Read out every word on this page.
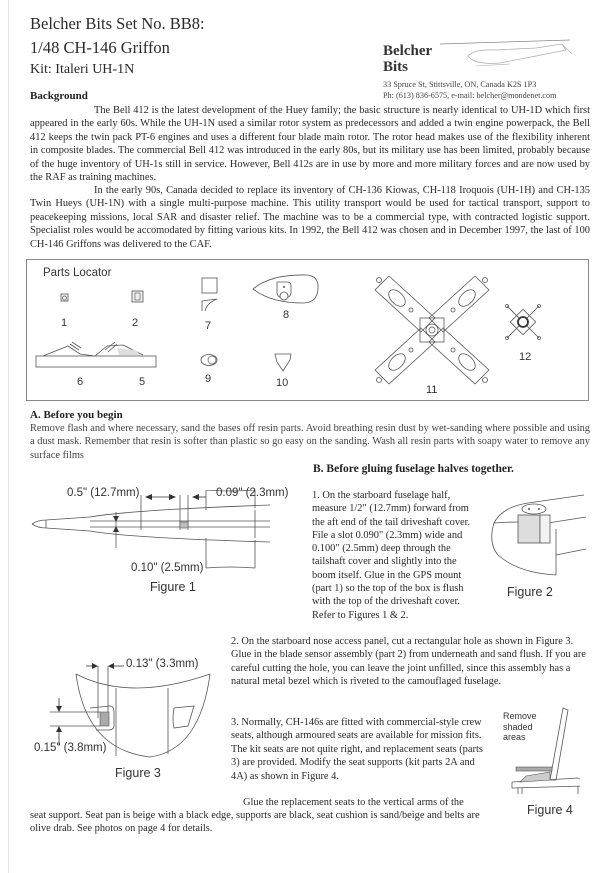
Belcher Bits Set No. BB8:
1/48 CH-146 Griffon
Kit: Italeri UH-1N
Belcher
Bits
33 Spruce St, Stittsville, ON, Canada K2S 1P3
Ph: (613) 836-6575, e-mail: belcher@mondenet.com
Background
The Bell 412 is the latest development of the Huey family; the basic structure is nearly identical to UH-1D which first appeared in the early 60s. While the UH-1N used a similar rotor system as predecessors and added a twin engine powerpack, the Bell 412 keeps the twin pack PT-6 engines and uses a different four blade main rotor. The rotor head makes use of the flexibility inherent in composite blades. The commercial Bell 412 was introduced in the early 80s, but its military use has been limited, probably because of the huge inventory of UH-1s still in service. However, Bell 412s are in use by more and more military forces and are now used by the RAF as training machines.
In the early 90s, Canada decided to replace its inventory of CH-136 Kiowas, CH-118 Iroquois (UH-1H) and CH-135 Twin Hueys (UH-1N) with a single multi-purpose machine. This utility transport would be used for tactical transport, support to peacekeeping missions, local SAR and disaster relief. The machine was to be a commercial type, with contracted logistic support. Specialist roles would be accomodated by fitting various kits. In 1992, the Bell 412 was chosen and in December 1997, the last of 100 CH-146 Griffons was delivered to the CAF.
Parts Locator
1	2	7
8
6	5	9	10
11
12
A. Before you begin
Remove flash and where necessary, sand the bases off resin parts. Avoid breathing resin dust by wet-sanding where possible and using a dust mask. Remember that resin is softer than plastic so go easy on the sanding. Wash all resin parts with soapy water to remove any surface films
B. Before gluing fuselage halves together.
0.5" (12.7mm)	0.09" (2.3mm)
0.10" (2.5mm)
Figure 1
1. On the starboard fuselage half, measure 1/2" (12.7mm) forward from the aft end of the tail driveshaft cover. File a slot 0.090" (2.3mm) wide and 0.100" (2.5mm) deep through the tailshaft cover and slightly into the boom itself. Glue in the GPS mount (part 1) so the top of the box is flush with the top of the driveshaft cover. Refer to Figures 1 & 2.
Figure 2
2. On the starboard nose access panel, cut a rectangular hole as shown in Figure 3. Glue in the blade sensor assembly (part 2) from underneath and sand flush. If you are careful cutting the hole, you can leave the joint unfilled, since this assembly has a natural metal bezel which is riveted to the camouflaged fuselage.
0.13" (3.3mm)
0.15" (3.8mm)
Figure 3
3. Normally, CH-146s are fitted with commercial-style crew seats, although armoured seats are available for mission fits. The kit seats are not quite right, and replacement seats (parts 3) are provided. Modify the seat supports (kit parts 2A and 4A) as shown in Figure 4.
Glue the replacement seats to the vertical arms of the
seat support. Seat pan is beige with a black edge, supports are black, seat cushion is sand/beige and belts are olive drab. See photos on page 4 for details.
Remove
shaded
areas
Figure 4
